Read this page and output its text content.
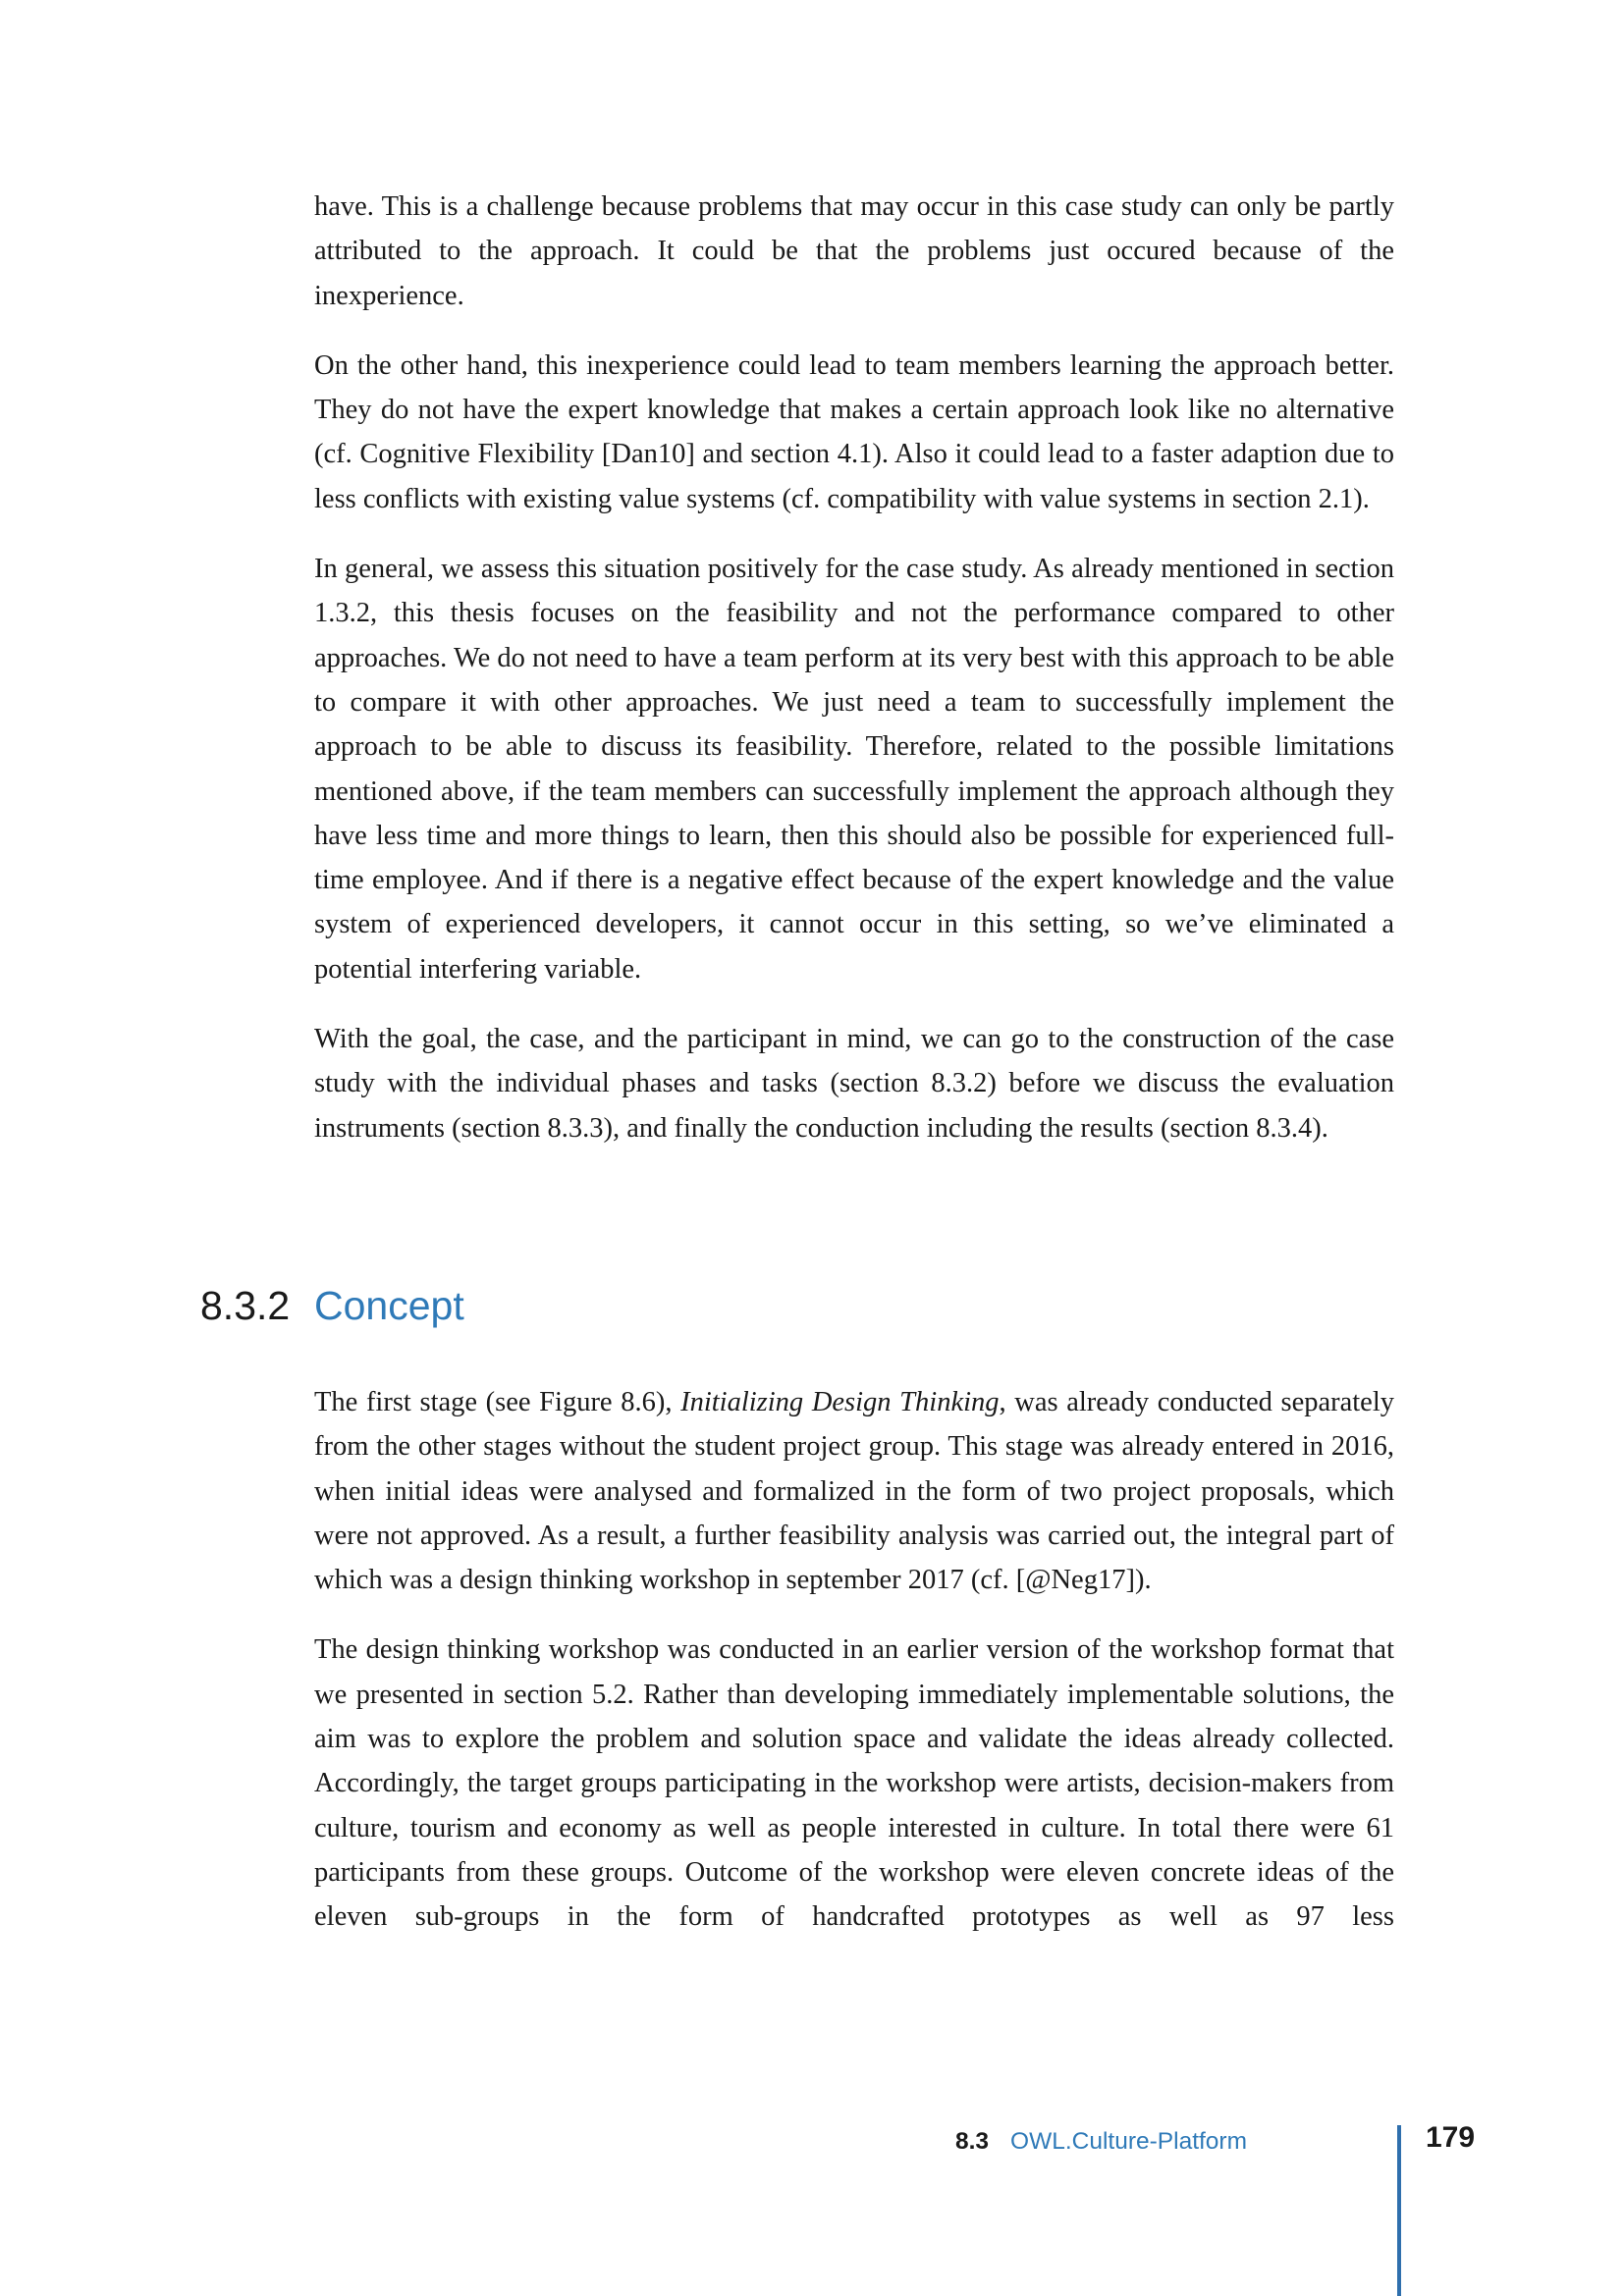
have. This is a challenge because problems that may occur in this case study can only be partly attributed to the approach. It could be that the problems just occured because of the inexperience.

On the other hand, this inexperience could lead to team members learning the approach better. They do not have the expert knowledge that makes a certain approach look like no alternative (cf. Cognitive Flexibility [Dan10] and section 4.1). Also it could lead to a faster adaption due to less conflicts with existing value systems (cf. compatibility with value systems in section 2.1).

In general, we assess this situation positively for the case study. As already mentioned in section 1.3.2, this thesis focuses on the feasibility and not the performance compared to other approaches. We do not need to have a team perform at its very best with this approach to be able to compare it with other approaches. We just need a team to successfully implement the approach to be able to discuss its feasibility. Therefore, related to the possible limitations mentioned above, if the team members can successfully implement the approach although they have less time and more things to learn, then this should also be possible for experienced full-time employee. And if there is a negative effect because of the expert knowledge and the value system of experienced developers, it cannot occur in this setting, so we’ve eliminated a potential interfering variable.

With the goal, the case, and the participant in mind, we can go to the construction of the case study with the individual phases and tasks (section 8.3.2) before we discuss the evaluation instruments (section 8.3.3), and finally the conduction including the results (section 8.3.4).

8.3.2 Concept

The first stage (see Figure 8.6), Initializing Design Thinking, was already conducted separately from the other stages without the student project group. This stage was already entered in 2016, when initial ideas were analysed and formalized in the form of two project proposals, which were not approved. As a result, a further feasibility analysis was carried out, the integral part of which was a design thinking workshop in september 2017 (cf. [@Neg17]).

The design thinking workshop was conducted in an earlier version of the workshop format that we presented in section 5.2. Rather than developing immediately implementable solutions, the aim was to explore the problem and solution space and validate the ideas already collected. Accordingly, the target groups participating in the workshop were artists, decision-makers from culture, tourism and economy as well as people interested in culture. In total there were 61 participants from these groups. Outcome of the workshop were eleven concrete ideas of the eleven sub-groups in the form of handcrafted prototypes as well as 97 less

8.3 OWL.Culture-Platform	179
